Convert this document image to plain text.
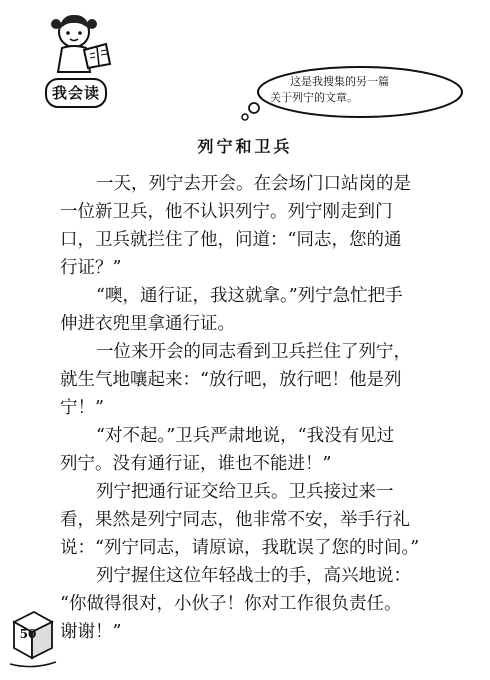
我会读
这是我搜集的另一篇
关于列宁的文章。
列宁和卫兵
一天，列宁去开会。在会场门口站岗的是
一位新卫兵，他不认识列宁。列宁刚走到门
口，卫兵就拦住了他，问道：“同志，您的通
行证？”
“噢，通行证，我这就拿。”列宁急忙把手
伸进衣兜里拿通行证。
一位来开会的同志看到卫兵拦住了列宁，
就生气地嚷起来：“放行吧，放行吧！他是列
宁！”
“对不起。”卫兵严肃地说，“我没有见过
列宁。没有通行证，谁也不能进！”
列宁把通行证交给卫兵。卫兵接过来一
看，果然是列宁同志，他非常不安，举手行礼
说：“列宁同志，请原谅，我耽误了您的时间。”
列宁握住这位年轻战士的手，高兴地说：
“你做得很对，小伙子！你对工作很负责任。
谢谢！”
50
